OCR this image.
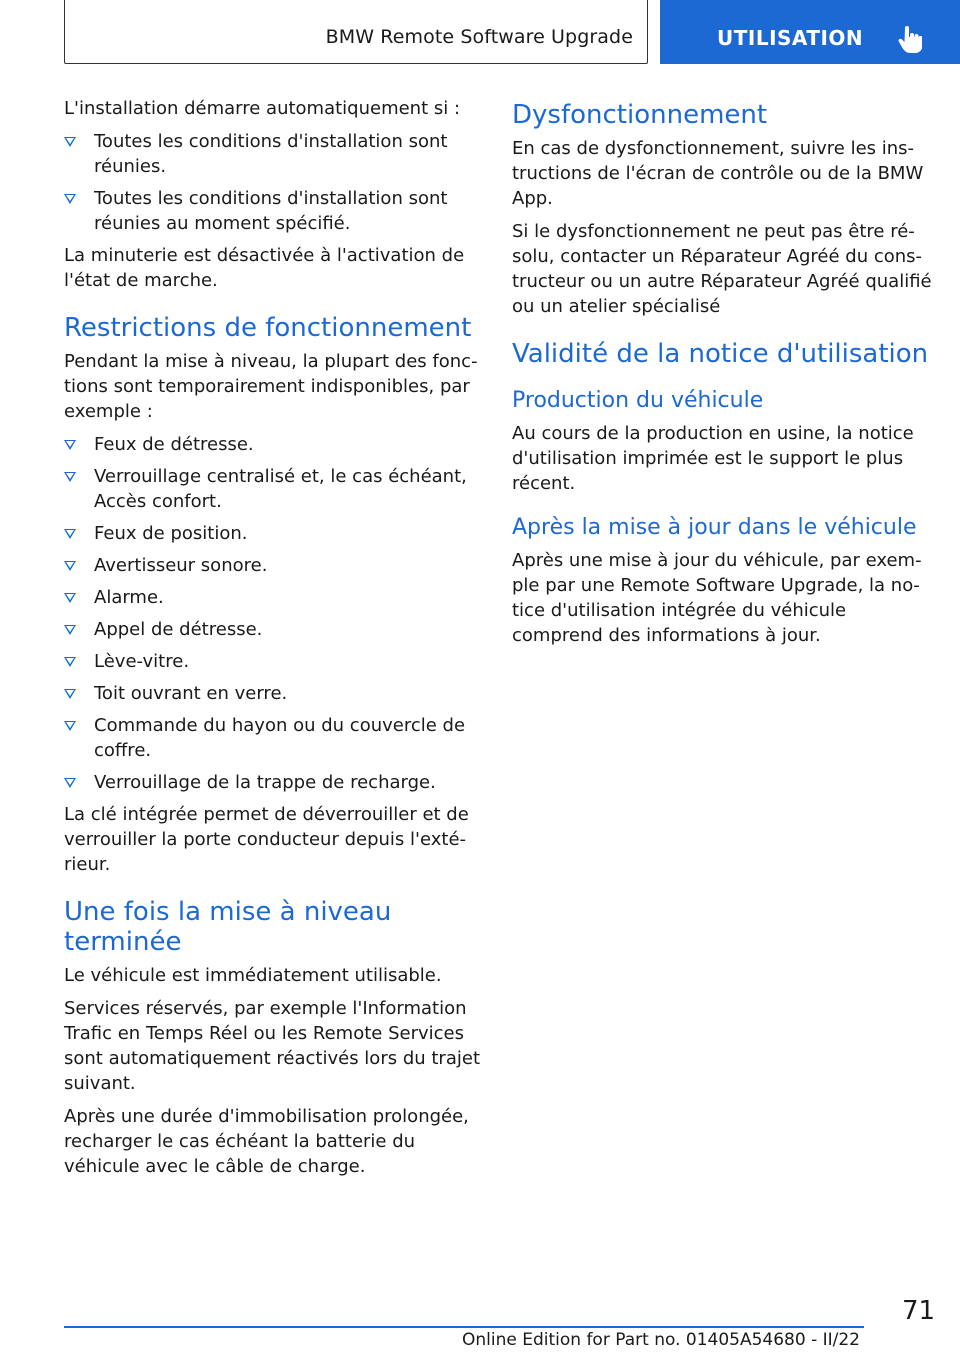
BMW Remote Software Upgrade	UTILISATION

L'installation démarre automatiquement si :

Toutes les conditions d'installation sont réunies.
Toutes les conditions d'installation sont réunies au moment spécifié.

La minuterie est désactivée à l'activation de l'état de marche.

Restrictions de fonctionnement

Pendant la mise à niveau, la plupart des fonctions sont temporairement indisponibles, par exemple :

Feux de détresse.
Verrouillage centralisé et, le cas échéant, Accès confort.
Feux de position.
Avertisseur sonore.
Alarme.
Appel de détresse.
Lève-vitre.
Toit ouvrant en verre.
Commande du hayon ou du couvercle de coffre.
Verrouillage de la trappe de recharge.

La clé intégrée permet de déverrouiller et de verrouiller la porte conducteur depuis l'extérieur.

Une fois la mise à niveau terminée

Le véhicule est immédiatement utilisable.

Services réservés, par exemple l'Information Trafic en Temps Réel ou les Remote Services sont automatiquement réactivés lors du trajet suivant.

Après une durée d'immobilisation prolongée, recharger le cas échéant la batterie du véhicule avec le câble de charge.

Dysfonctionnement

En cas de dysfonctionnement, suivre les instructions de l'écran de contrôle ou de la BMW App.

Si le dysfonctionnement ne peut pas être résolu, contacter un Réparateur Agréé du constructeur ou un autre Réparateur Agréé qualifié ou un atelier spécialisé

Validité de la notice d'utilisation
Production du véhicule

Au cours de la production en usine, la notice d'utilisation imprimée est le support le plus récent.

Après la mise à jour dans le véhicule

Après une mise à jour du véhicule, par exemple par une Remote Software Upgrade, la notice d'utilisation intégrée du véhicule comprend des informations à jour.

71
Online Edition for Part no. 01405A54680 - II/22
